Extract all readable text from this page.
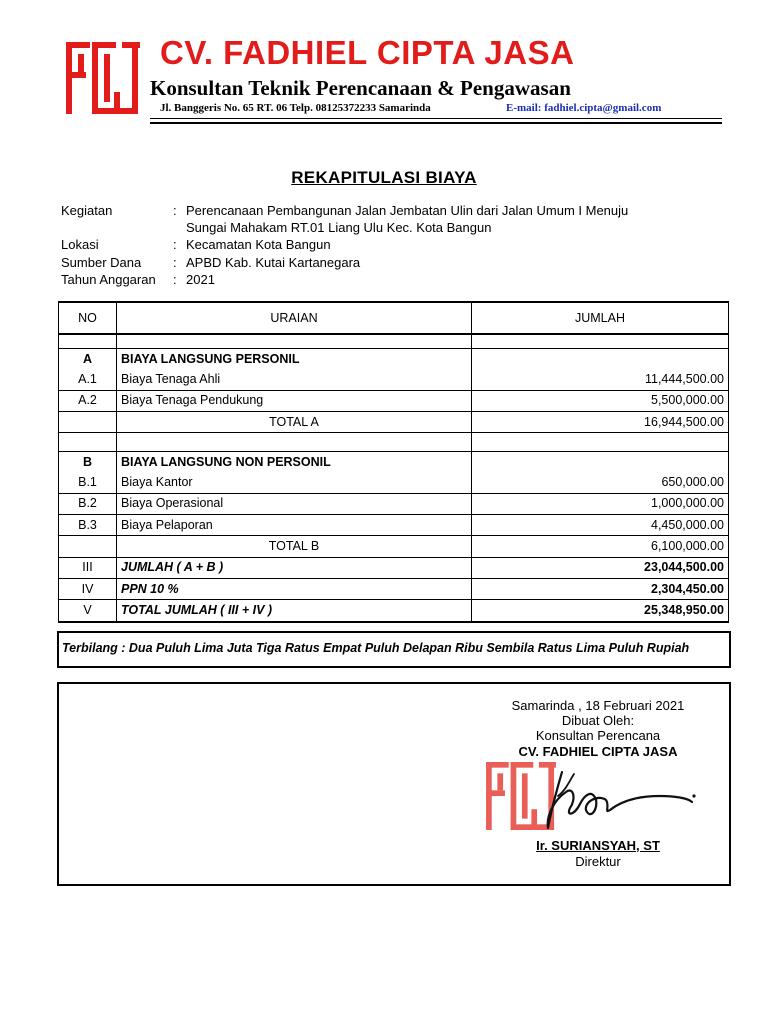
CV. FADHIEL CIPTA JASA
Konsultan Teknik Perencanaan & Pengawasan
Jl. Banggeris No. 65 RT. 06 Telp. 08125372233 Samarinda	E-mail: fadhiel.cipta@gmail.com
REKAPITULASI BIAYA
Kegiatan	: Perencanaan Pembangunan Jalan Jembatan Ulin dari Jalan Umum I Menuju
Sungai Mahakam RT.01 Liang Ulu Kec. Kota Bangun
Lokasi	: Kecamatan Kota Bangun
Sumber Dana : APBD Kab. Kutai Kartanegara
Tahun Anggaran : 2021
NO	URAIAN	JUMLAH

A	BIAYA LANGSUNG PERSONIL	
A.1	Biaya Tenaga Ahli	11,444,500.00
A.2	Biaya Tenaga Pendukung	5,500,000.00
	TOTAL A	16,944,500.00

B	BIAYA LANGSUNG NON PERSONIL	
B.1	Biaya Kantor	650,000.00
B.2	Biaya Operasional	1,000,000.00
B.3	Biaya Pelaporan	4,450,000.00
	TOTAL B	6,100,000.00
III	JUMLAH ( A + B )	23,044,500.00
IV	PPN 10 %	2,304,450.00
V	TOTAL JUMLAH ( III + IV )	25,348,950.00
Terbilang : Dua Puluh Lima Juta Tiga Ratus Empat Puluh Delapan Ribu Sembila Ratus Lima Puluh Rupiah
Samarinda , 18 Februari 2021
Dibuat Oleh:
Konsultan Perencana
CV. FADHIEL CIPTA JASA
Ir. SURIANSYAH, ST
Direktur
